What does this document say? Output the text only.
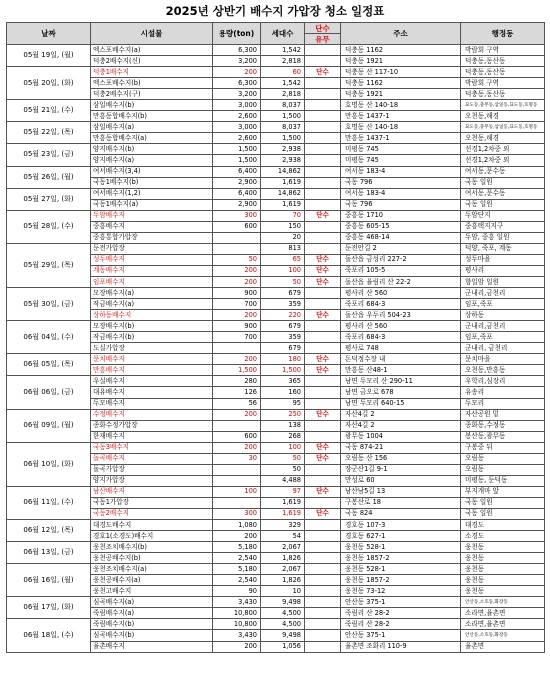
2025년 상반기 배수지 가압장 청소 일정표
날짜	시설물	용량(ton)	세대수	단수	주소	행정동
				유무		
05월 19일, (월)	엑스포배수지(a)	6,300	1,542		덕충동 1162	박람회 구역
	덕충2배수지(신)	3,200	2,818		덕충동 1921	덕충동,동산동
05월 20일, (화)	덕충1배수지	200	60	단수	덕충동 산 117-10	덕충동,동산동
	엑스포배수지(b)	6,300	1,542		덕충동 1162	박람회 구역
	덕충2배수지(구)	3,200	2,818		덕충동 1921	덕충동,동산동
05월 21일, (수)	삼일배수지(b)	3,000	8,037		호명동 산 140-18	묘도동,충무동,삼일동,묘도동,호명동
	만흥동합배수지(b)	2,600	1,500		만흥동 1437-1	오천동,해경
05월 22일, (목)	삼일배수지(a)	3,000	8,037		호명동 산 140-18	묘도동,충무동,삼일동,묘도동,호명동
	만흥동합배수지(a)	2,600	1,500		만흥동 1437-1	오천동,해경
05월 23일, (금)	양지배수지(b)	1,500	2,938		미평동 745	선경1,2차중 외
	양지배수지(a)	1,500	2,938		미평동 745	선경1,2차중 외
05월 26일, (월)	여서배수지(3,4)	6,400	14,862		여서동 183-4	여서동,문수동
	국동1배수지(b)	2,900	1,619		국동 796	국동 일원
05월 27일, (화)	여서배수지(1,2)	6,400	14,862		여서동 183-4	여서동,문수동
	국동1배수지(a)	2,900	1,619		국동 796	국동 일원
05월 28일, (수)	두암배수지	300	70	단수	중흥동 1710	두암단지
	중흥배수지	600	150		중흥동 605-15	중흥택지지구
	중흥통합가압장		20		중흥동 468-14	두암, 중흥 일원
05월 29일, (목)	둔전가압장		813		둔전안길 2	덕양, 죽포, 계동
	성두배수지	50	65	단수	돌산읍 금성리 227-2	성두마을
	계동배수지	200	100	단수	죽포리 105-5	평사리
	임포배수지	200	50	단수	돌산읍 율림리 산 22-2	향일암 일원
05월 30일, (금)	모장배수지(a)	900	679		평사리 산 560	군내리,금천리
	작금배수지(a)	700	359		죽포리 684-3	임포,죽포
	상하동배수지	200	220	단수	돌산읍 우두리 504-23	상하동
06월 04일, (수)	모장배수지(b)	900	679		평사리 산 560	군내리,금천리
	작금배수지(b)	700	359		죽포리 684-3	임포,죽포
	도실가압장		679		평사로 748	군내리, 금천리
06월 05일, (목)	문치배수지	200	180	단수	돈덕정수장 내	문치마을
	만흥배수지	1,500	1,500	단수	만흥동 산48-1	오천동,만흥동
06월 06일, (금)	우실배수지	280	365		남면 두모리 산 290-11	우학리,심장리
	대유배수지	126	160		남면 금오로 678	유송리
	두모배수지	56	95		남면 두모리 640-15	두모리
06월 09일, (월)	수정배수지	200	250	단수	자산4길 2	자산공원 밑
	종화수정가압장		138		자산4길 2	종화동,수정동
	한재배수지	600	268		광무동 1004	봉산동,광무동
06월 10일, (화)	국동3배수지	200	100	단수	국동 874-21	구봉중 뒤
	돌곡배수지	30	50	단수	오림동 산 156	오림동
	돌곡가압장		50		장군산1길 9-1	오림동
	양지가압장		4,488		만성로 60	미평동, 둔덕동
06월 11일, (수)	남산배수지	100	97	단수	남산남5길 13	부지개마 앞
	국동1가압장		1,619		구봉산로 18	국동 일원
	국동2배수지	300	1,619	단수	국동 824	국동 일원
06월 12일, (목)	대경도배수지	1,080	329		경호동 107-3	대경도
	경호1(소경도)배수지	200	54		경호동 627-1	소경도
06월 13일, (금)	웅천조치배수지(b)	5,180	2,067		웅천동 528-1	웅천동
	웅천공배수지(b)	2,540	1,826		웅천동 1857-2	웅천동
06월 16일, (월)	웅천조치배수지(a)	5,180	2,067		웅천동 528-1	웅천동
	웅천공배수지(a)	2,540	1,826		웅천동 1857-2	웅천동
	웅천고배수지	90	10		웅천동 73-12	웅천동
06월 17일, (화)	심곡배수지(a)	3,430	9,498		안산동 375-1	안산동,소호동,화장동
	죽림배수지(a)	10,800	4,500		죽림리 산 28-2	소라면,율촌면
06월 18일, (수)	죽림배수지(b)	10,800	4,500		죽림리 산 28-2	소라면,율촌면
	심곡배수지(b)	3,430	9,498		안산동 375-1	안산동,소호동,화장동
	율촌배수지	200	1,056		율촌면 조화리 110-9	율촌면
